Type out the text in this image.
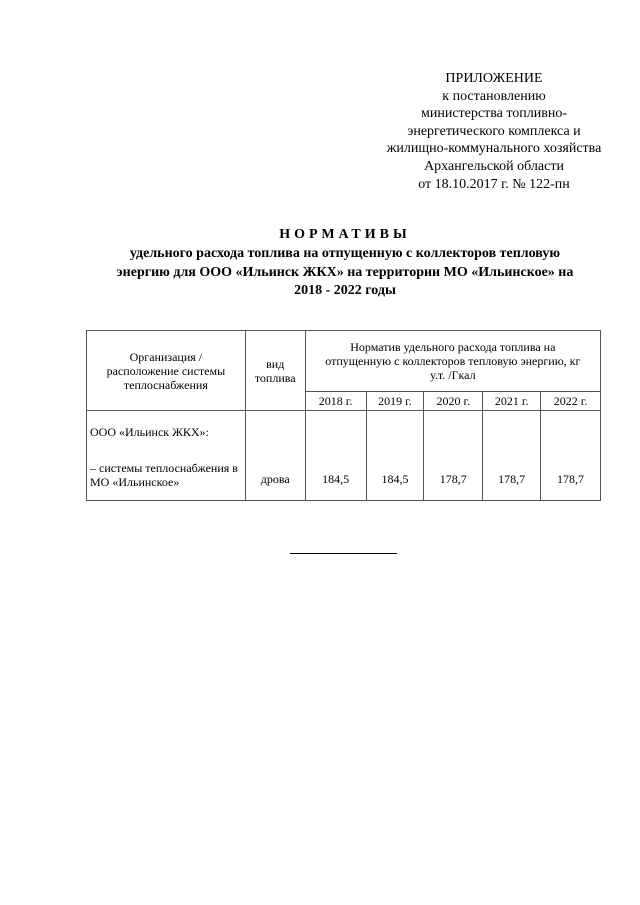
ПРИЛОЖЕНИЕ
к постановлению
министерства топливно-
энергетического комплекса и
жилищно-коммунального хозяйства
Архангельской области
от 18.10.2017 г. № 122-пн
НОРМАТИВЫ
удельного расхода топлива на отпущенную с коллекторов тепловую
энергию для ООО «Ильинск ЖКХ» на территории МО «Ильинское» на
2018 - 2022 годы
Организация / расположение системы теплоснабжения	вид топлива	Норматив удельного расхода топлива на отпущенную с коллекторов тепловую энергию, кг у.т. /Гкал				
		2018 г.	2019 г.	2020 г.	2021 г.	2022 г.

ООО «Ильинск ЖКХ»:
– системы теплоснабжения в МО «Ильинское»	дрова	184,5	184,5	178,7	178,7	178,7
